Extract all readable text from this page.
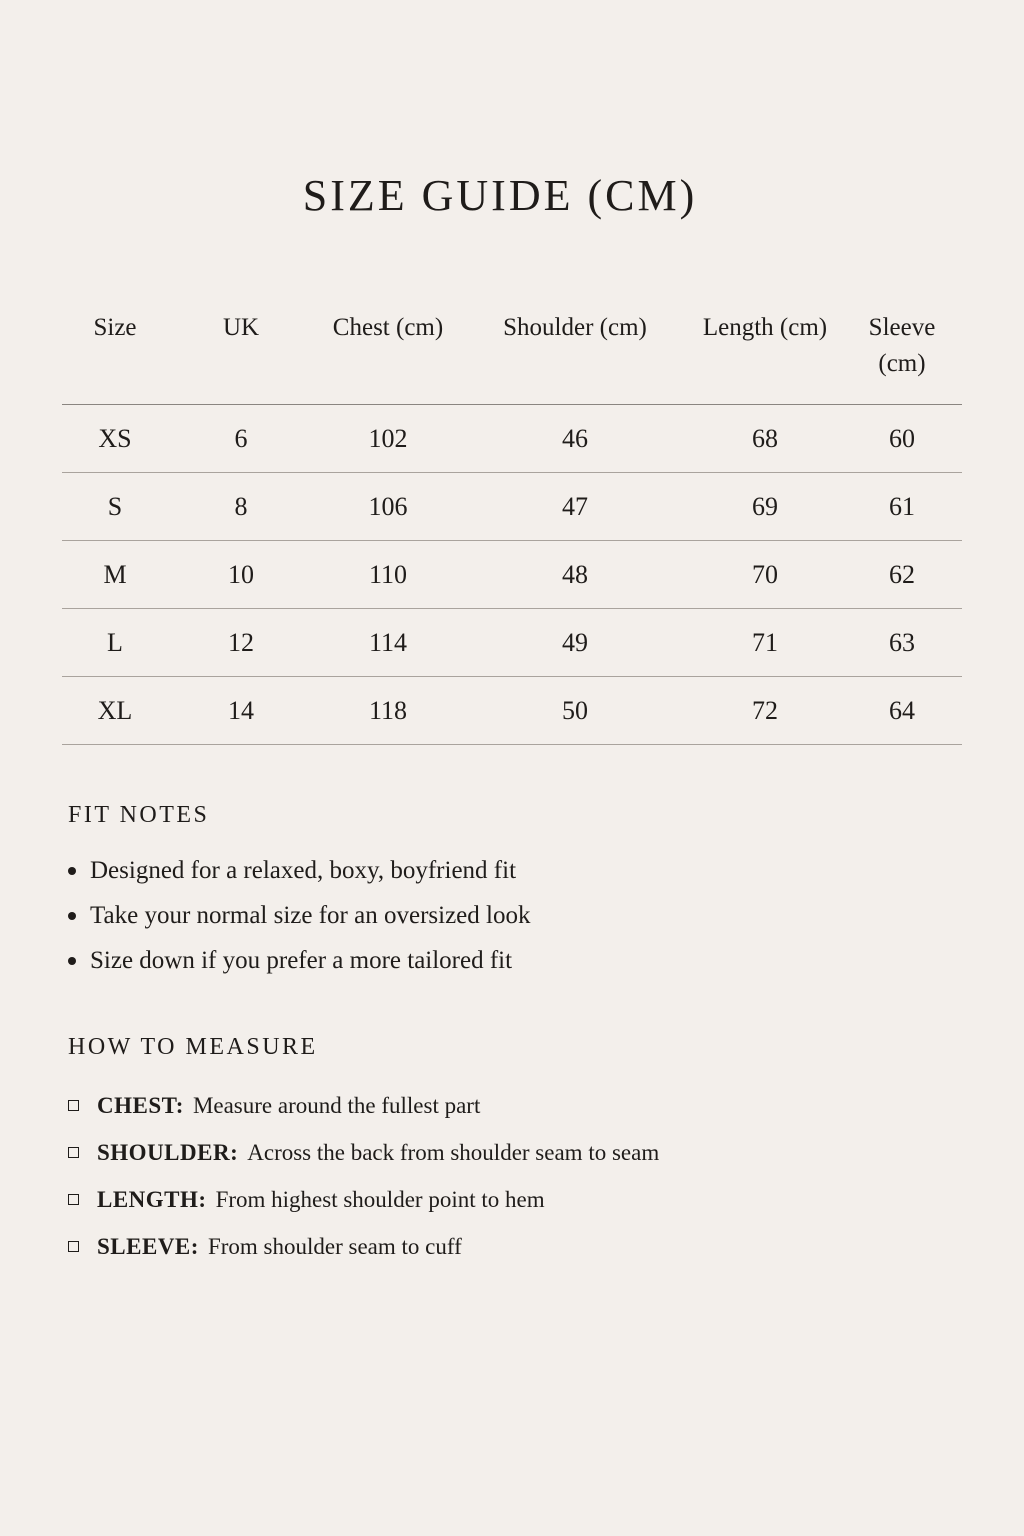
SIZE GUIDE (CM)
Size	UK	Chest (cm)	Shoulder (cm)	Length (cm)	Sleeve (cm)
XS	6	102	46	68	60
S	8	106	47	69	61
M	10	110	48	70	62
L	12	114	49	71	63
XL	14	118	50	72	64
FIT NOTES
Designed for a relaxed, boxy, boyfriend fit
Take your normal size for an oversized look
Size down if you prefer a more tailored fit
HOW TO MEASURE
CHEST: Measure around the fullest part
SHOULDER: Across the back from shoulder seam to seam
LENGTH: From highest shoulder point to hem
SLEEVE: From shoulder seam to cuff
